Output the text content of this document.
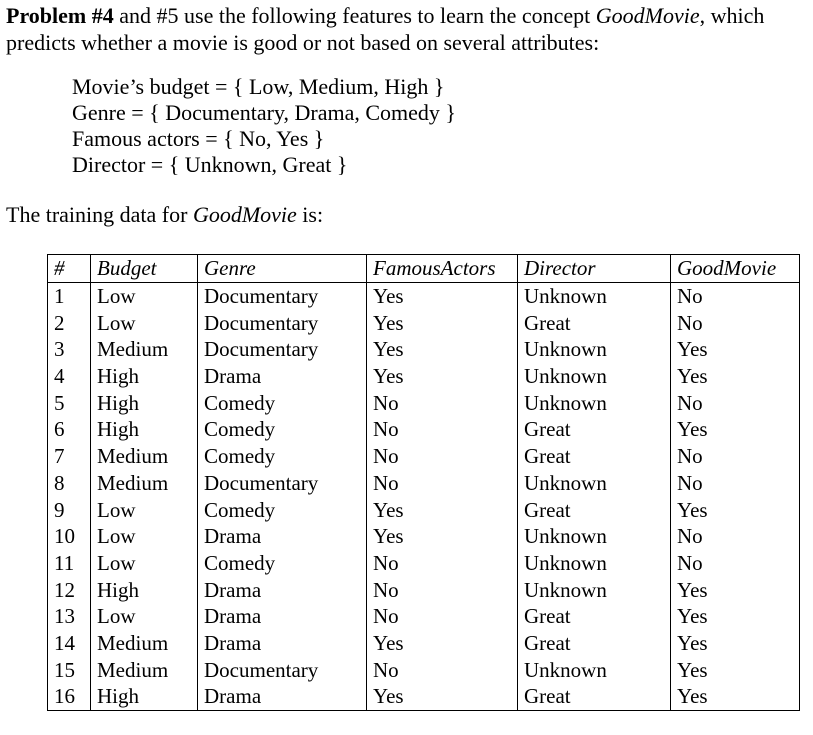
Problem #4 and #5 use the following features to learn the concept GoodMovie, which predicts whether a movie is good or not based on several attributes:
Movie’s budget = { Low, Medium, High }
Genre = { Documentary, Drama, Comedy }
Famous actors = { No, Yes }
Director = { Unknown, Great }
The training data for GoodMovie is:
#	Budget	Genre	FamousActors	Director	GoodMovie
1	Low	Documentary	Yes	Unknown	No
2	Low	Documentary	Yes	Great	No
3	Medium	Documentary	Yes	Unknown	Yes
4	High	Drama	Yes	Unknown	Yes
5	High	Comedy	No	Unknown	No
6	High	Comedy	No	Great	Yes
7	Medium	Comedy	No	Great	No
8	Medium	Documentary	No	Unknown	No
9	Low	Comedy	Yes	Great	Yes
10	Low	Drama	Yes	Unknown	No
11	Low	Comedy	No	Unknown	No
12	High	Drama	No	Unknown	Yes
13	Low	Drama	No	Great	Yes
14	Medium	Drama	Yes	Great	Yes
15	Medium	Documentary	No	Unknown	Yes
16	High	Drama	Yes	Great	Yes
